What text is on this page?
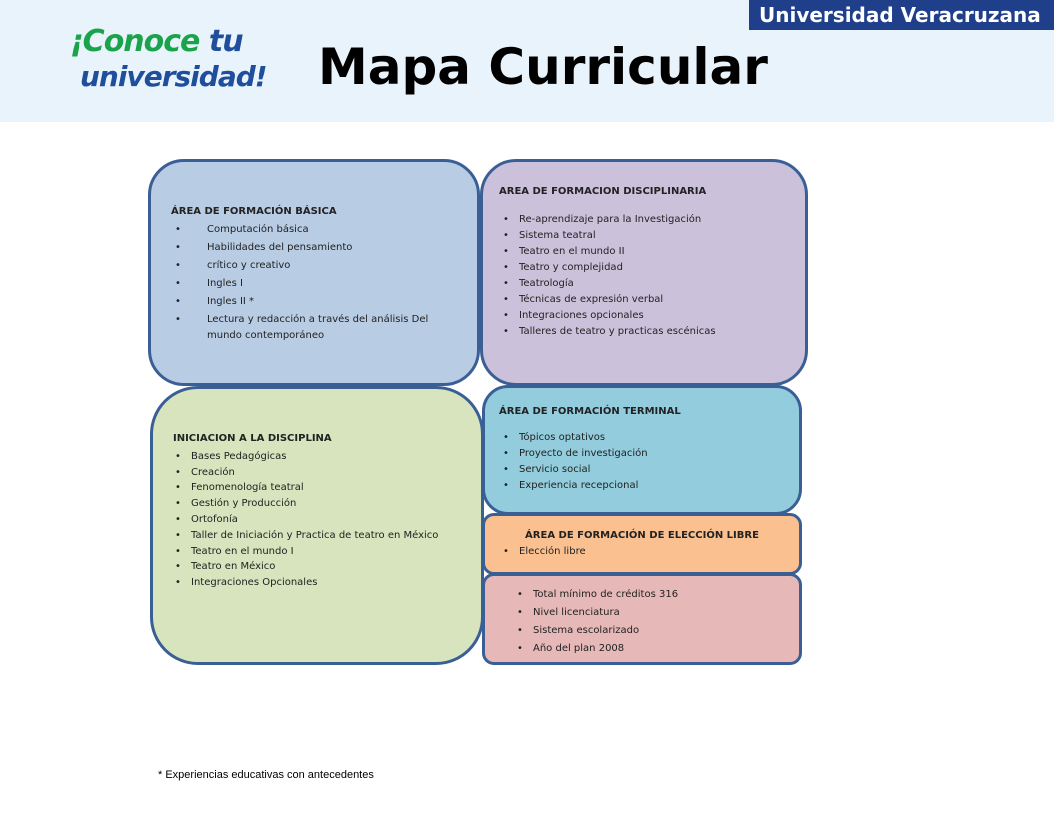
¡Conoce tu
universidad! Mapa Curricular
Universidad Veracruzana
ÁREA DE FORMACIÓN BÁSICA
• Computación básica
• Habilidades del pensamiento
• crítico y creativo
• Ingles I
• Ingles II *
• Lectura y redacción a través del análisis Del mundo contemporáneo
AREA DE FORMACION DISCIPLINARIA
• Re-aprendizaje para la Investigación
• Sistema teatral
• Teatro en el mundo II
• Teatro y complejidad
• Teatrología
• Técnicas de expresión verbal
• Integraciones opcionales
• Talleres de teatro y practicas escénicas
INICIACION A LA DISCIPLINA
• Bases Pedagógicas
• Creación
• Fenomenología teatral
• Gestión y Producción
• Ortofonía
• Taller de Iniciación y Practica de teatro en México
• Teatro en el mundo I
• Teatro en México
• Integraciones Opcionales
ÁREA DE FORMACIÓN TERMINAL
• Tópicos optativos
• Proyecto de investigación
• Servicio social
• Experiencia recepcional
ÁREA DE FORMACIÓN DE ELECCIÓN LIBRE
• Elección libre
• Total mínimo de créditos 316
• Nivel licenciatura
• Sistema escolarizado
• Año del plan 2008
* Experiencias educativas con antecedentes
